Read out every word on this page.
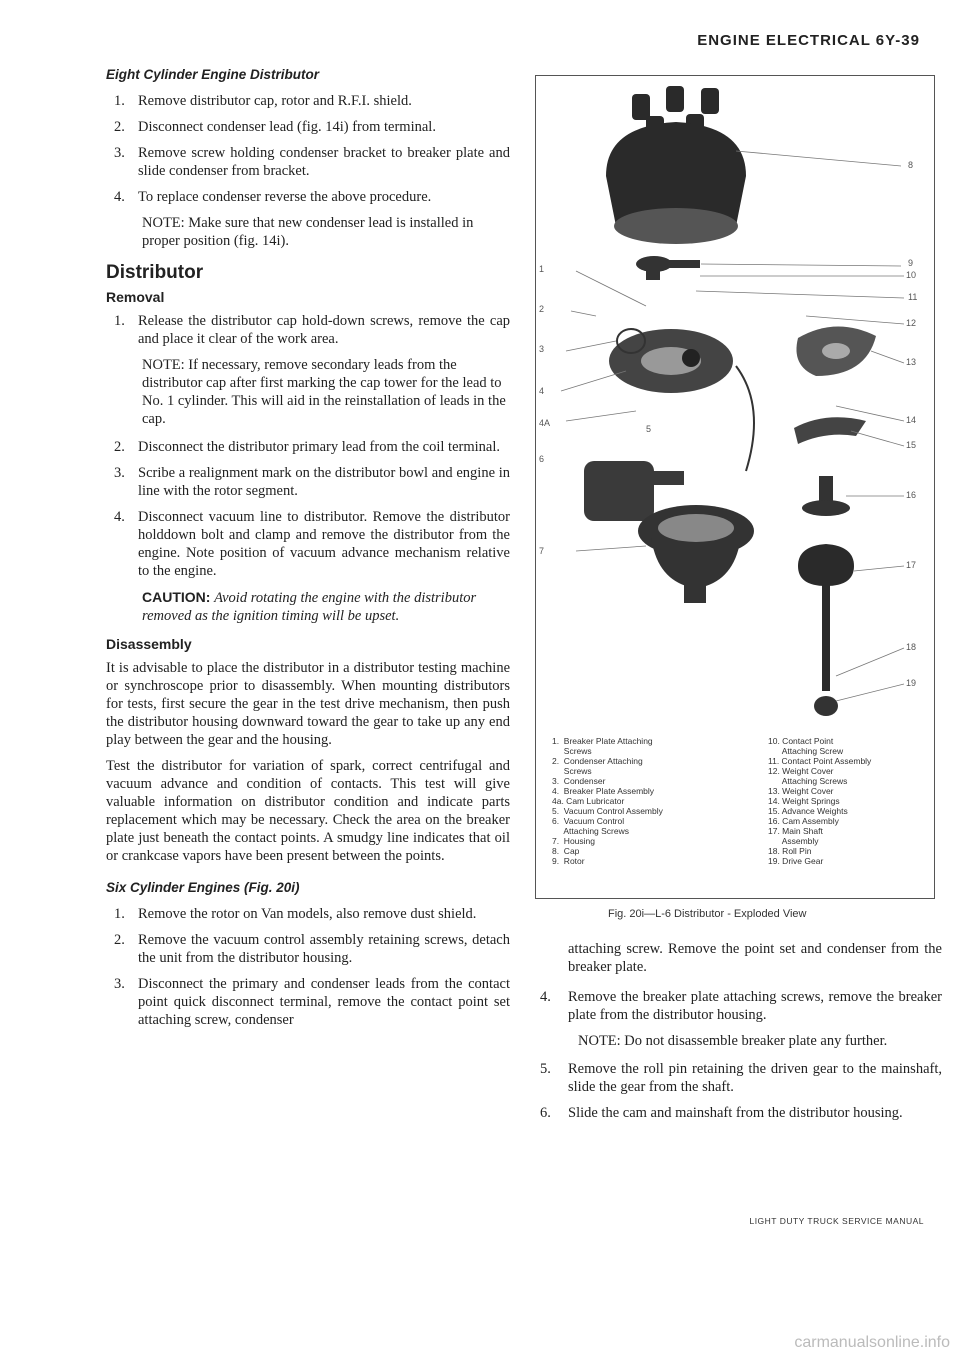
ENGINE ELECTRICAL 6Y-39
Eight Cylinder Engine Distributor
1. Remove distributor cap, rotor and R.F.I. shield.
2. Disconnect condenser lead (fig. 14i) from terminal.
3. Remove screw holding condenser bracket to breaker plate and slide condenser from bracket.
4. To replace condenser reverse the above procedure.
NOTE: Make sure that new condenser lead is installed in proper position (fig. 14i).
Distributor
Removal
1. Release the distributor cap hold-down screws, remove the cap and place it clear of the work area.
NOTE: If necessary, remove secondary leads from the distributor cap after first marking the cap tower for the lead to No. 1 cylinder. This will aid in the reinstallation of leads in the cap.
2. Disconnect the distributor primary lead from the coil terminal.
3. Scribe a realignment mark on the distributor bowl and engine in line with the rotor segment.
4. Disconnect vacuum line to distributor. Remove the distributor holddown bolt and clamp and remove the distributor from the engine. Note position of vacuum advance mechanism relative to the engine.
CAUTION: Avoid rotating the engine with the distributor removed as the ignition timing will be upset.
Disassembly

It is advisable to place the distributor in a distributor testing machine or synchroscope prior to disassembly. When mounting distributors for tests, first secure the gear in the test drive mechanism, then push the distributor housing downward toward the gear to take up any end play between the gear and the housing.

Test the distributor for variation of spark, correct centrifugal and vacuum advance and condition of contacts. This test will give valuable information on distributor condition and indicate parts replacement which may be necessary. Check the area on the breaker plate just beneath the contact points. A smudgy line indicates that oil or crankcase vapors have been present between the points.

Six Cylinder Engines (Fig. 20i)
1. Remove the rotor on Van models, also remove dust shield.
2. Remove the vacuum control assembly retaining screws, detach the unit from the distributor housing.
3. Disconnect the primary and condenser leads from the contact point quick disconnect terminal, remove the contact point set attaching screw, condenser
1
2
3
4
4A
5
6
7
8
9
10
11
12
13
14
15
16
17
18
19
1.  Breaker Plate Attaching
Screws
2.  Condenser Attaching
Screws
3.  Condenser
4.  Breaker Plate Assembly
4a. Cam Lubricator
5.  Vacuum Control Assembly
6.  Vacuum Control
Attaching Screws
7.  Housing
8.  Cap
9.  Rotor
10. Contact Point
Attaching Screw
11. Contact Point Assembly
12. Weight Cover
Attaching Screws
13. Weight Cover
14. Weight Springs
15. Advance Weights
16. Cam Assembly
17. Main Shaft
Assembly
18. Roll Pin
19. Drive Gear
Fig. 20i—L-6 Distributor - Exploded View

attaching screw. Remove the point set and condenser from the breaker plate.

4. Remove the breaker plate attaching screws, remove the breaker plate from the distributor housing.
NOTE: Do not disassemble breaker plate any further.
5. Remove the roll pin retaining the driven gear to the mainshaft, slide the gear from the shaft.
6. Slide the cam and mainshaft from the distributor housing.
LIGHT DUTY TRUCK SERVICE MANUAL
carmanualsonline.info
